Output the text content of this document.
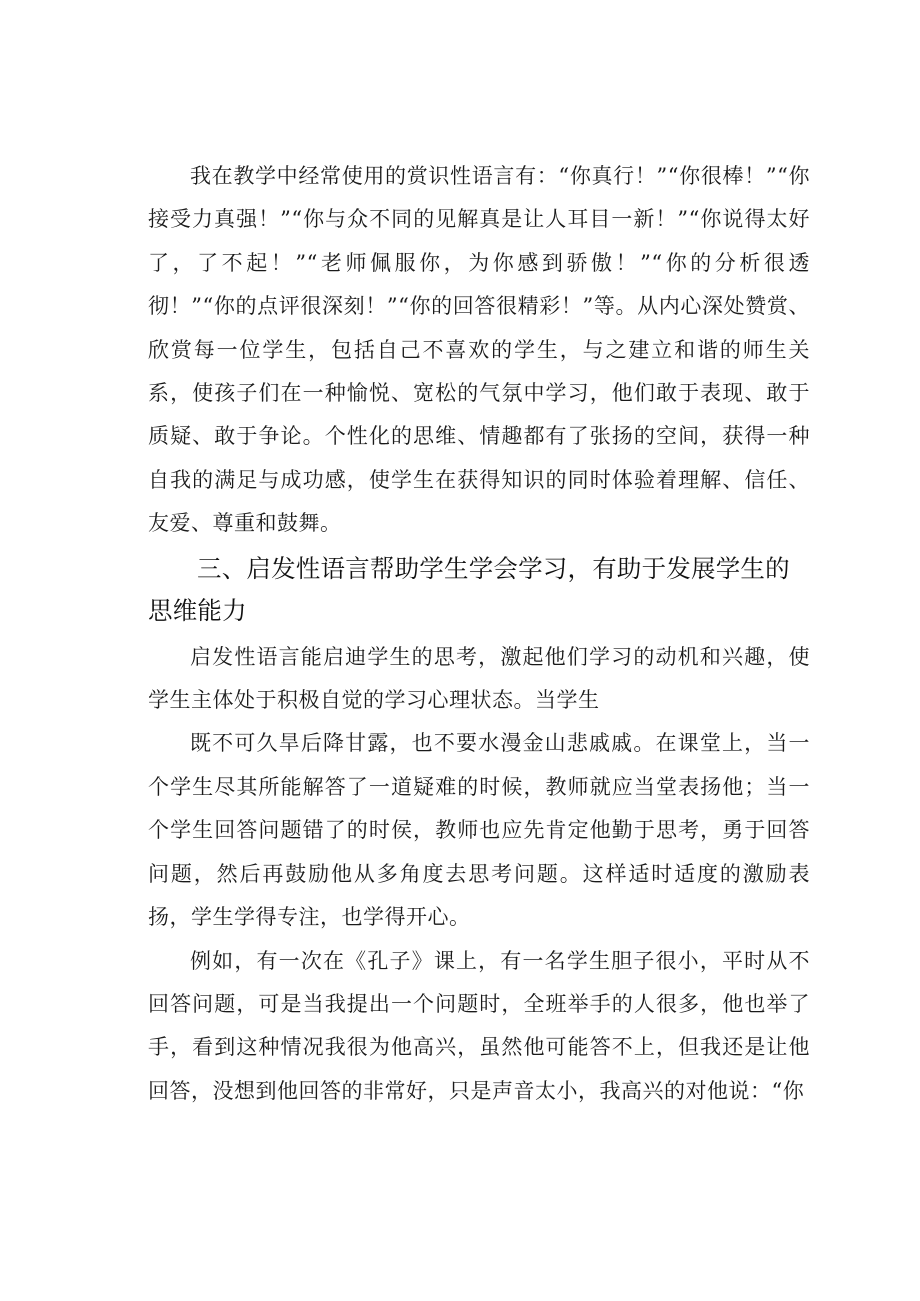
我在教学中经常使用的赏识性语言有：“你真行！”“你很棒！”“你接受力真强！”“你与众不同的见解真是让人耳目一新！”“你说得太好了，了不起！”“老师佩服你，为你感到骄傲！”“你的分析很透彻！”“你的点评很深刻！”“你的回答很精彩！”等。从内心深处赞赏、欣赏每一位学生，包括自己不喜欢的学生，与之建立和谐的师生关系，使孩子们在一种愉悦、宽松的气氛中学习，他们敢于表现、敢于质疑、敢于争论。个性化的思维、情趣都有了张扬的空间，获得一种自我的满足与成功感，使学生在获得知识的同时体验着理解、信任、友爱、尊重和鼓舞。

三、启发性语言帮助学生学会学习，有助于发展学生的思维能力

启发性语言能启迪学生的思考，激起他们学习的动机和兴趣，使学生主体处于积极自觉的学习心理状态。当学生

既不可久旱后降甘露，也不要水漫金山悲戚戚。在课堂上，当一个学生尽其所能解答了一道疑难的时候，教师就应当堂表扬他；当一个学生回答问题错了的时侯，教师也应先肯定他勤于思考，勇于回答问题，然后再鼓励他从多角度去思考问题。这样适时适度的激励表扬，学生学得专注，也学得开心。

例如，有一次在《孔子》课上，有一名学生胆子很小，平时从不回答问题，可是当我提出一个问题时，全班举手的人很多，他也举了手，看到这种情况我很为他高兴，虽然他可能答不上，但我还是让他回答，没想到他回答的非常好，只是声音太小，我高兴的对他说：“你
